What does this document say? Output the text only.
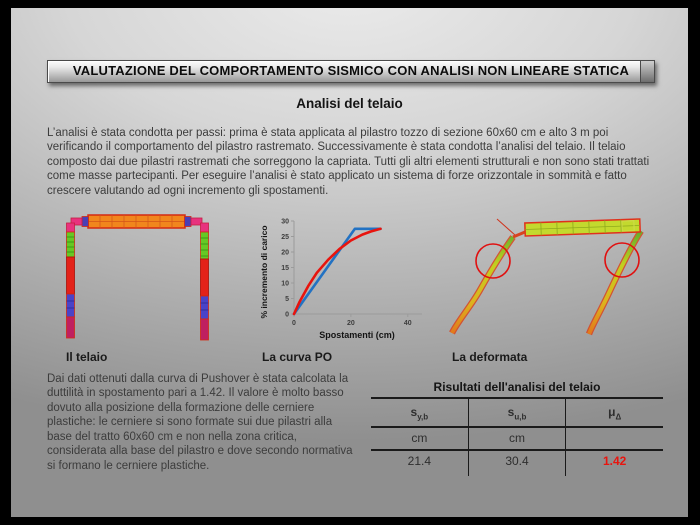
VALUTAZIONE DEL COMPORTAMENTO SISMICO CON ANALISI NON LINEARE STATICA
Analisi del telaio
L’analisi è stata condotta per passi: prima è stata applicata al pilastro tozzo di sezione 60x60 cm e alto 3 m poi verificando il comportamento del pilastro rastremato. Successivamente è stata condotta l’analisi del telaio. Il telaio composto dai due pilastri rastremati che sorreggono la capriata. Tutti gli altri elementi strutturali e non sono stati trattati come masse partecipanti. Per eseguire l’analisi è stato applicato un sistema di forze orizzontale in sommità e fatto crescere valutando ad ogni incremento gli spostamenti.
0
5
10
15
20
25
30
0	20	40
Spostamenti (cm)
% incremento di carico
Il telaio	La curva PO	La deformata
Dai dati ottenuti dalla curva di Pushover è stata calcolata la duttilità in spostamento pari a 1.42. Il valore è molto basso dovuto alla posizione della formazione delle cerniere plastiche: le cerniere si sono formate sui due pilastri alla base del tratto 60x60 cm e non nella zona critica, considerata alla base del pilastro e dove secondo normativa si formano le cerniere plastiche.
Risultati dell'analisi del telaio
$s_{y,b}$	$s_{u,b}$	$\mu_\Delta$
cm	cm
21.4	30.4	1.42
